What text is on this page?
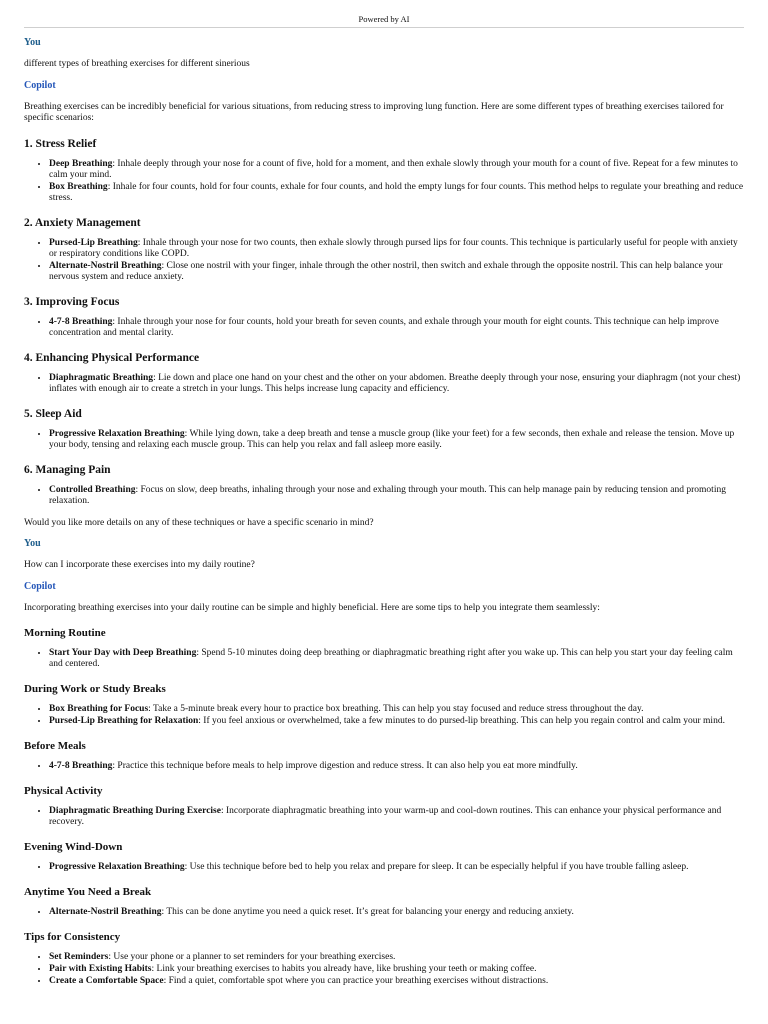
Powered by AI
You

different types of breathing exercises for different sinerious

Copilot

Breathing exercises can be incredibly beneficial for various situations, from reducing stress to improving lung function. Here are some different types of breathing exercises tailored for specific scenarios:

1. Stress Relief
• Deep Breathing: Inhale deeply through your nose for a count of five, hold for a moment, and then exhale slowly through your mouth for a count of five. Repeat for a few minutes to calm your mind.
• Box Breathing: Inhale for four counts, hold for four counts, exhale for four counts, and hold the empty lungs for four counts. This method helps to regulate your breathing and reduce stress.
2. Anxiety Management
• Pursed-Lip Breathing: Inhale through your nose for two counts, then exhale slowly through pursed lips for four counts. This technique is particularly useful for people with anxiety or respiratory conditions like COPD.
• Alternate-Nostril Breathing: Close one nostril with your finger, inhale through the other nostril, then switch and exhale through the opposite nostril. This can help balance your nervous system and reduce anxiety.
3. Improving Focus
• 4-7-8 Breathing: Inhale through your nose for four counts, hold your breath for seven counts, and exhale through your mouth for eight counts. This technique can help improve concentration and mental clarity.
4. Enhancing Physical Performance
• Diaphragmatic Breathing: Lie down and place one hand on your chest and the other on your abdomen. Breathe deeply through your nose, ensuring your diaphragm (not your chest) inflates with enough air to create a stretch in your lungs. This helps increase lung capacity and efficiency.
5. Sleep Aid
• Progressive Relaxation Breathing: While lying down, take a deep breath and tense a muscle group (like your feet) for a few seconds, then exhale and release the tension. Move up your body, tensing and relaxing each muscle group. This can help you relax and fall asleep more easily.
6. Managing Pain
• Controlled Breathing: Focus on slow, deep breaths, inhaling through your nose and exhaling through your mouth. This can help manage pain by reducing tension and promoting relaxation.

Would you like more details on any of these techniques or have a specific scenario in mind?

You

How can I incorporate these exercises into my daily routine?

Copilot

Incorporating breathing exercises into your daily routine can be simple and highly beneficial. Here are some tips to help you integrate them seamlessly:

Morning Routine
• Start Your Day with Deep Breathing: Spend 5-10 minutes doing deep breathing or diaphragmatic breathing right after you wake up. This can help you start your day feeling calm and centered.
During Work or Study Breaks
• Box Breathing for Focus: Take a 5-minute break every hour to practice box breathing. This can help you stay focused and reduce stress throughout the day.
• Pursed-Lip Breathing for Relaxation: If you feel anxious or overwhelmed, take a few minutes to do pursed-lip breathing. This can help you regain control and calm your mind.
Before Meals
• 4-7-8 Breathing: Practice this technique before meals to help improve digestion and reduce stress. It can also help you eat more mindfully.
Physical Activity
• Diaphragmatic Breathing During Exercise: Incorporate diaphragmatic breathing into your warm-up and cool-down routines. This can enhance your physical performance and recovery.
Evening Wind-Down
• Progressive Relaxation Breathing: Use this technique before bed to help you relax and prepare for sleep. It can be especially helpful if you have trouble falling asleep.
Anytime You Need a Break
• Alternate-Nostril Breathing: This can be done anytime you need a quick reset. It’s great for balancing your energy and reducing anxiety.
Tips for Consistency
• Set Reminders: Use your phone or a planner to set reminders for your breathing exercises.
• Pair with Existing Habits: Link your breathing exercises to habits you already have, like brushing your teeth or making coffee.
• Create a Comfortable Space: Find a quiet, comfortable spot where you can practice your breathing exercises without distractions.
